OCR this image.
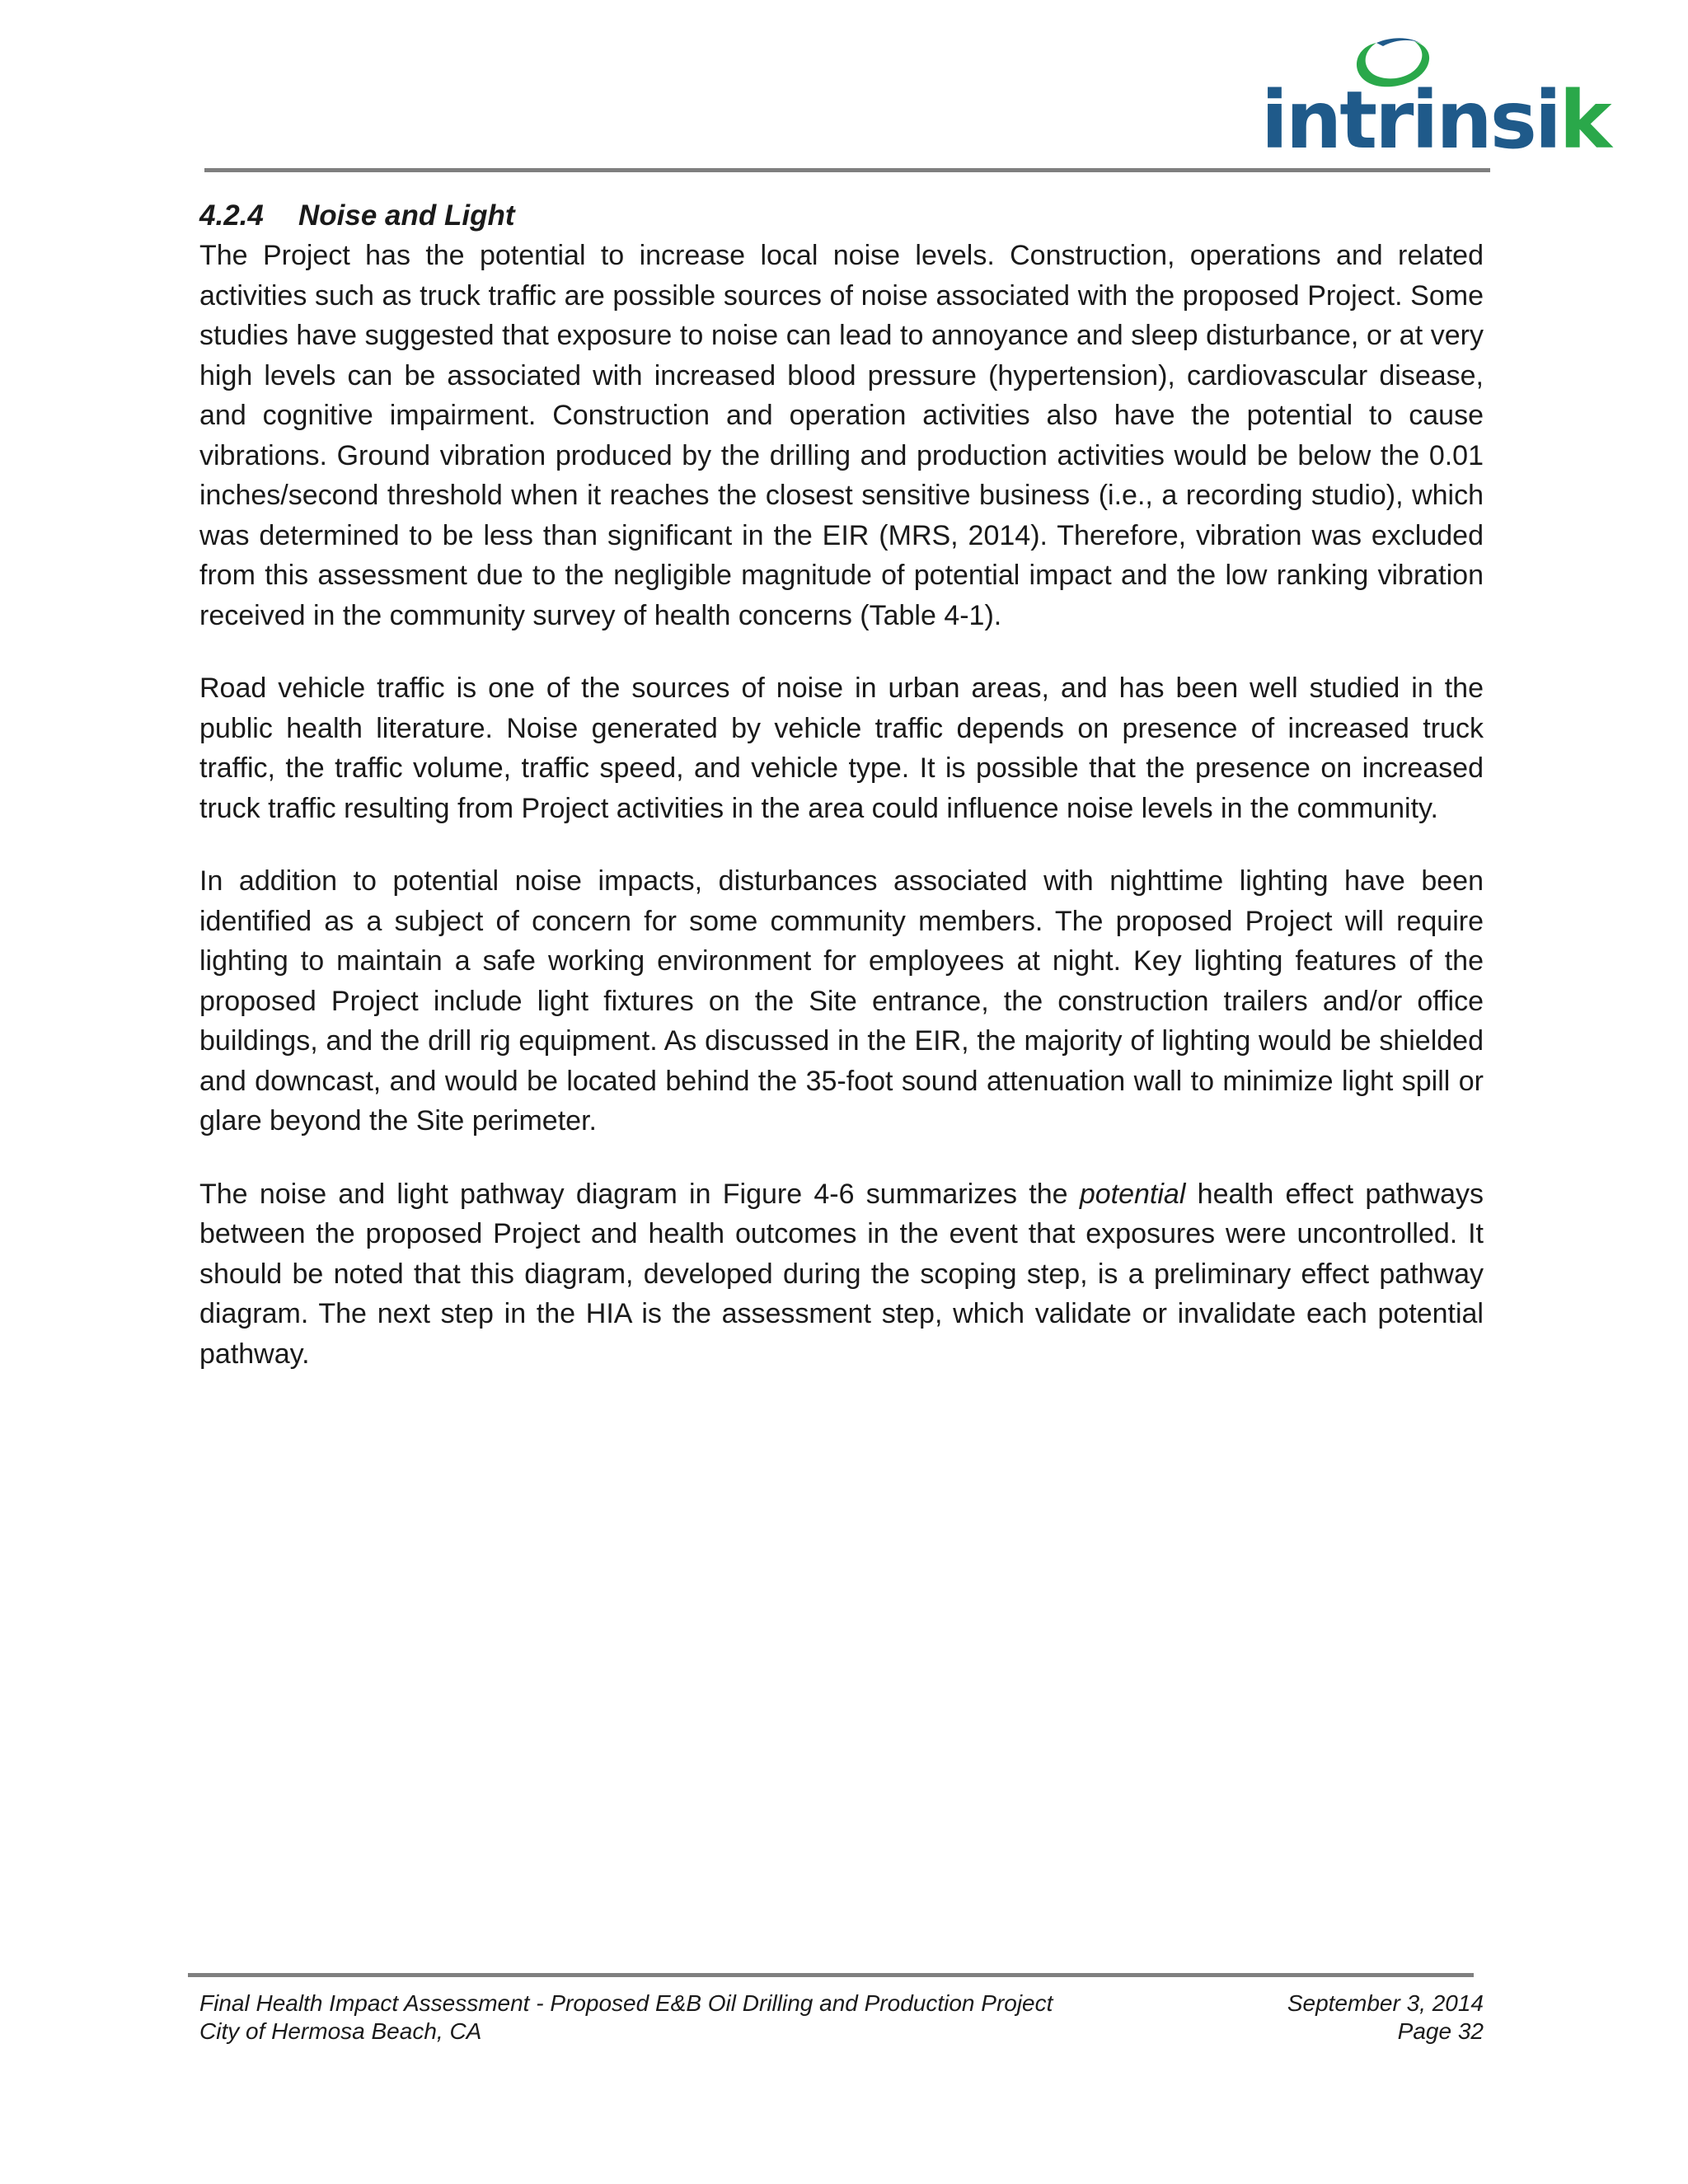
intrinsik
4.2.4 Noise and Light

The Project has the potential to increase local noise levels. Construction, operations and related activities such as truck traffic are possible sources of noise associated with the proposed Project. Some studies have suggested that exposure to noise can lead to annoyance and sleep disturbance, or at very high levels can be associated with increased blood pressure (hypertension), cardiovascular disease, and cognitive impairment. Construction and operation activities also have the potential to cause vibrations. Ground vibration produced by the drilling and production activities would be below the 0.01 inches/second threshold when it reaches the closest sensitive business (i.e., a recording studio), which was determined to be less than significant in the EIR (MRS, 2014). Therefore, vibration was excluded from this assessment due to the negligible magnitude of potential impact and the low ranking vibration received in the community survey of health concerns (Table 4-1).

Road vehicle traffic is one of the sources of noise in urban areas, and has been well studied in the public health literature. Noise generated by vehicle traffic depends on presence of increased truck traffic, the traffic volume, traffic speed, and vehicle type. It is possible that the presence on increased truck traffic resulting from Project activities in the area could influence noise levels in the community.

In addition to potential noise impacts, disturbances associated with nighttime lighting have been identified as a subject of concern for some community members. The proposed Project will require lighting to maintain a safe working environment for employees at night. Key lighting features of the proposed Project include light fixtures on the Site entrance, the construction trailers and/or office buildings, and the drill rig equipment. As discussed in the EIR, the majority of lighting would be shielded and downcast, and would be located behind the 35-foot sound attenuation wall to minimize light spill or glare beyond the Site perimeter.

The noise and light pathway diagram in Figure 4-6 summarizes the potential health effect pathways between the proposed Project and health outcomes in the event that exposures were uncontrolled. It should be noted that this diagram, developed during the scoping step, is a preliminary effect pathway diagram. The next step in the HIA is the assessment step, which validate or invalidate each potential pathway.

Final Health Impact Assessment - Proposed E&B Oil Drilling and Production Project	September 3, 2014
City of Hermosa Beach, CA	Page 32
